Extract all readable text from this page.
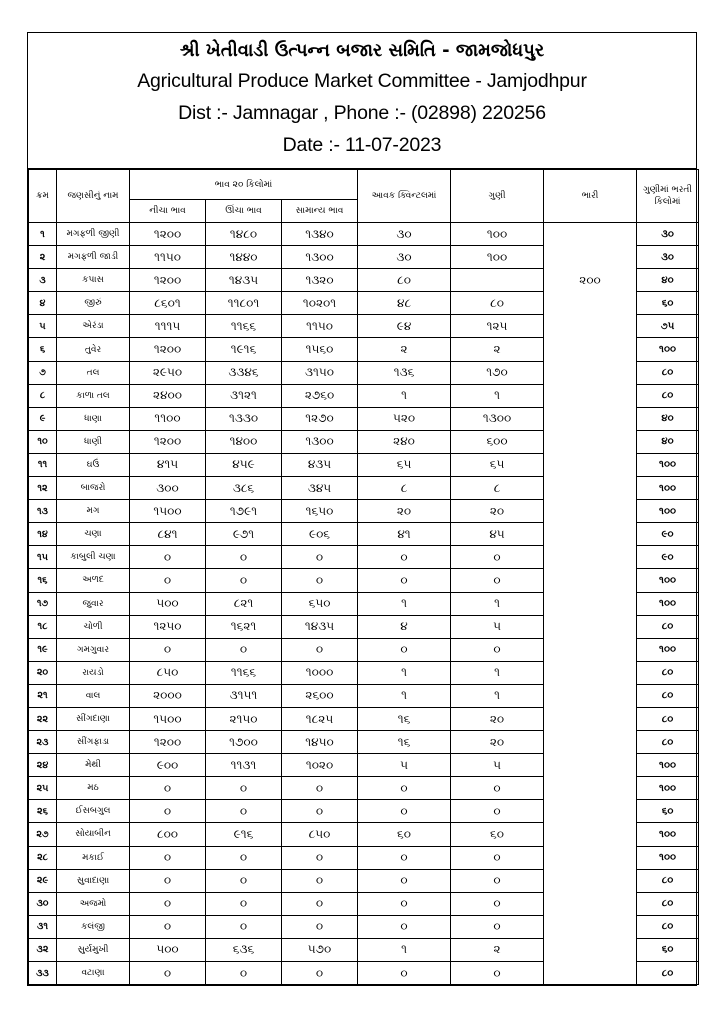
શ્રી ખેતીવાડી ઉત્પન્ન બજાર સમિતિ - જામજોધપુર
Agricultural Produce Market Committee - Jamjodhpur
Dist :- Jamnagar , Phone :- (02898) 220256
Date :- 11-07-2023
ક્રમ	જણસીનું નામ	ભાવ ૨૦ કિલોમાં			આવક ક્વિન્ટલમાં	ગુણી	ભારી	ગુણીમાં ભરતી કિલોમાં
		નીચા ભાવ	ઊંચા ભાવ	સામાન્ય ભાવ				
૧	મગફળી જીણી	૧૨૦૦	૧૪૮૦	૧૩૪૦	૩૦	૧૦૦		૩૦
૨	મગફળી જાડી	૧૧૫૦	૧૪૪૦	૧૩૦૦	૩૦	૧૦૦		૩૦
૩	કપાસ	૧૨૦૦	૧૪૩૫	૧૩૨૦	૮૦		૨૦૦	૪૦
૪	જીરું	૮૬૦૧	૧૧૮૦૧	૧૦૨૦૧	૪૮	૮૦		૬૦
૫	એરંડા	૧૧૧૫	૧૧૬૬	૧૧૫૦	૯૪	૧૨૫		૭૫
૬	તુવેર	૧૨૦૦	૧૯૧૬	૧૫૬૦	૨	૨		૧૦૦
૭	તલ	૨૯૫૦	૩૩૪૬	૩૧૫૦	૧૩૬	૧૭૦		૮૦
૮	કાળા તલ	૨૪૦૦	૩૧૨૧	૨૭૬૦	૧	૧		૮૦
૯	ધાણા	૧૧૦૦	૧૩૩૦	૧૨૭૦	૫૨૦	૧૩૦૦		૪૦
૧૦	ધાણી	૧૨૦૦	૧૪૦૦	૧૩૦૦	૨૪૦	૬૦૦		૪૦
૧૧	ઘઉં	૪૧૫	૪૫૯	૪૩૫	૬૫	૬૫		૧૦૦
૧૨	બાજરો	૩૦૦	૩૮૬	૩૪૫	૮	૮		૧૦૦
૧૩	મગ	૧૫૦૦	૧૭૯૧	૧૬૫૦	૨૦	૨૦		૧૦૦
૧૪	ચણા	૮૪૧	૯૭૧	૯૦૬	૪૧	૪૫		૯૦
૧૫	કાબુલી ચણા	૦	૦	૦	૦	૦		૯૦
૧૬	અળદ	૦	૦	૦	૦	૦		૧૦૦
૧૭	જુવાર	૫૦૦	૮૨૧	૬૫૦	૧	૧		૧૦૦
૧૮	ચોળી	૧૨૫૦	૧૬૨૧	૧૪૩૫	૪	૫		૮૦
૧૯	ગમગુવાર	૦	૦	૦	૦	૦		૧૦૦
૨૦	રાયડો	૮૫૦	૧૧૬૬	૧૦૦૦	૧	૧		૮૦
૨૧	વાલ	૨૦૦૦	૩૧૫૧	૨૬૦૦	૧	૧		૮૦
૨૨	સીંગદાણા	૧૫૦૦	૨૧૫૦	૧૮૨૫	૧૬	૨૦		૮૦
૨૩	સીંગફાડા	૧૨૦૦	૧૭૦૦	૧૪૫૦	૧૬	૨૦		૮૦
૨૪	મેથી	૯૦૦	૧૧૩૧	૧૦૨૦	૫	૫		૧૦૦
૨૫	મઠ	૦	૦	૦	૦	૦		૧૦૦
૨૬	ઈસબગુલ	૦	૦	૦	૦	૦		૬૦
૨૭	સોયાબીન	૮૦૦	૯૧૬	૮૫૦	૬૦	૬૦		૧૦૦
૨૮	મકાઈ	૦	૦	૦	૦	૦		૧૦૦
૨૯	સુવાદાણા	૦	૦	૦	૦	૦		૮૦
૩૦	અજમો	૦	૦	૦	૦	૦		૮૦
૩૧	કલંજી	૦	૦	૦	૦	૦		૮૦
૩૨	સુર્યમુખી	૫૦૦	૬૩૬	૫૭૦	૧	૨		૬૦
૩૩	વટાણા	૦	૦	૦	૦	૦		૮૦
